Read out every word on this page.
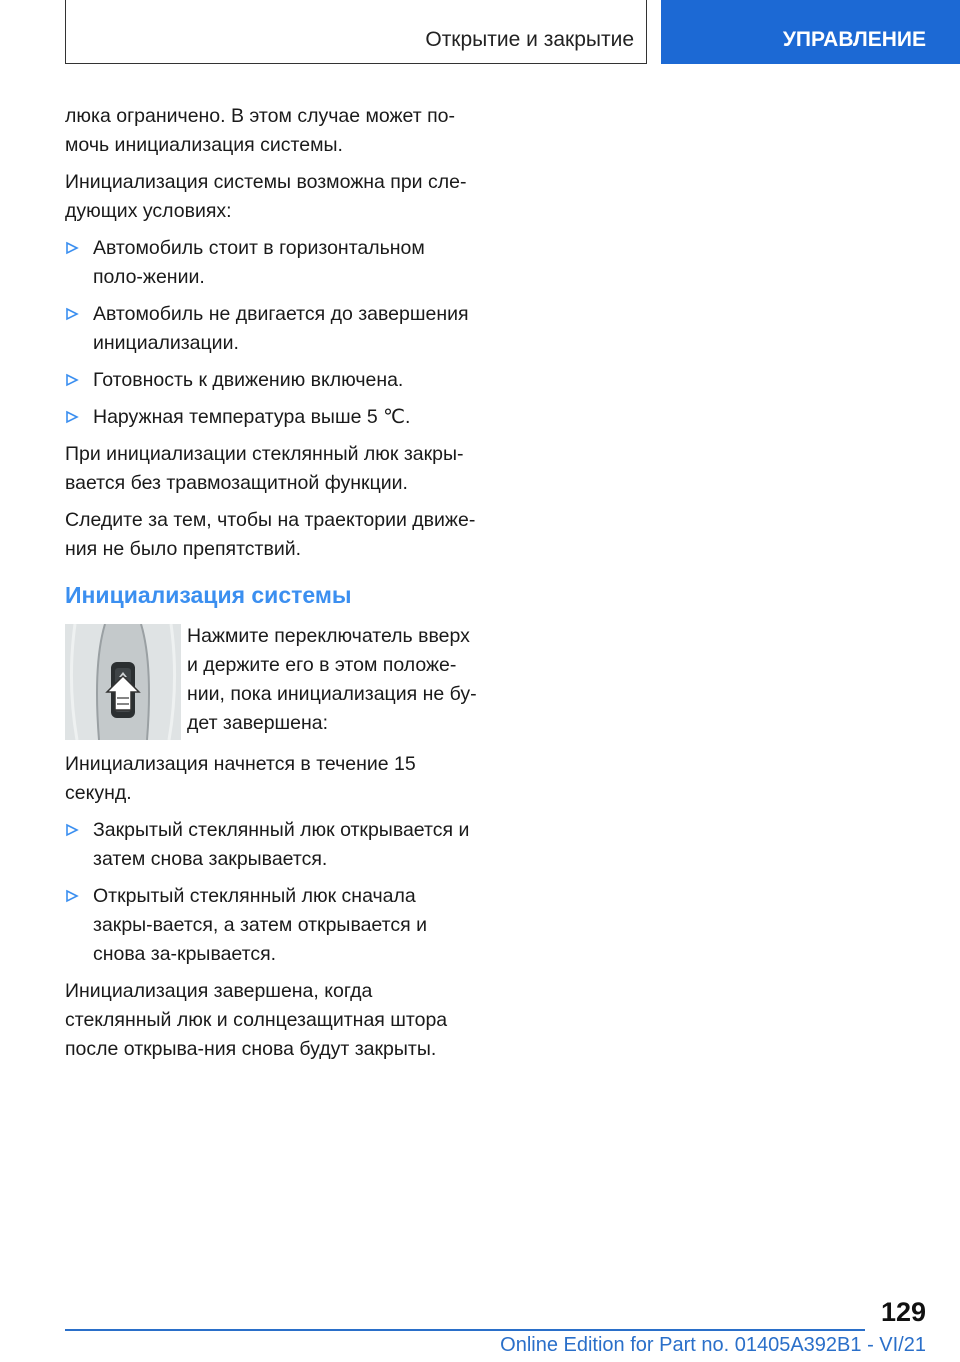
Открытие и закрытие	УПРАВЛЕНИЕ

люка ограничено. В этом случае может по-мочь инициализация системы.

Инициализация системы возможна при сле-дующих условиях:

Автомобиль стоит в горизонтальном поло-жении.
Автомобиль не двигается до завершения инициализации.
Готовность к движению включена.
Наружная температура выше 5 ℃.

При инициализации стеклянный люк закры-вается без травмозащитной функции.

Следите за тем, чтобы на траектории движе-ния не было препятствий.

Инициализация системы
Нажмите переключатель вверх и держите его в этом положе-нии, пока инициализация не бу-дет завершена:

Инициализация начнется в течение 15 секунд.

Закрытый стеклянный люк открывается и затем снова закрывается.
Открытый стеклянный люк сначала закры-вается, а затем открывается и снова за-крывается.

Инициализация завершена, когда стеклянный люк и солнцезащитная штора после открыва-ния снова будут закрыты.

129
Online Edition for Part no. 01405A392B1 - VI/21
